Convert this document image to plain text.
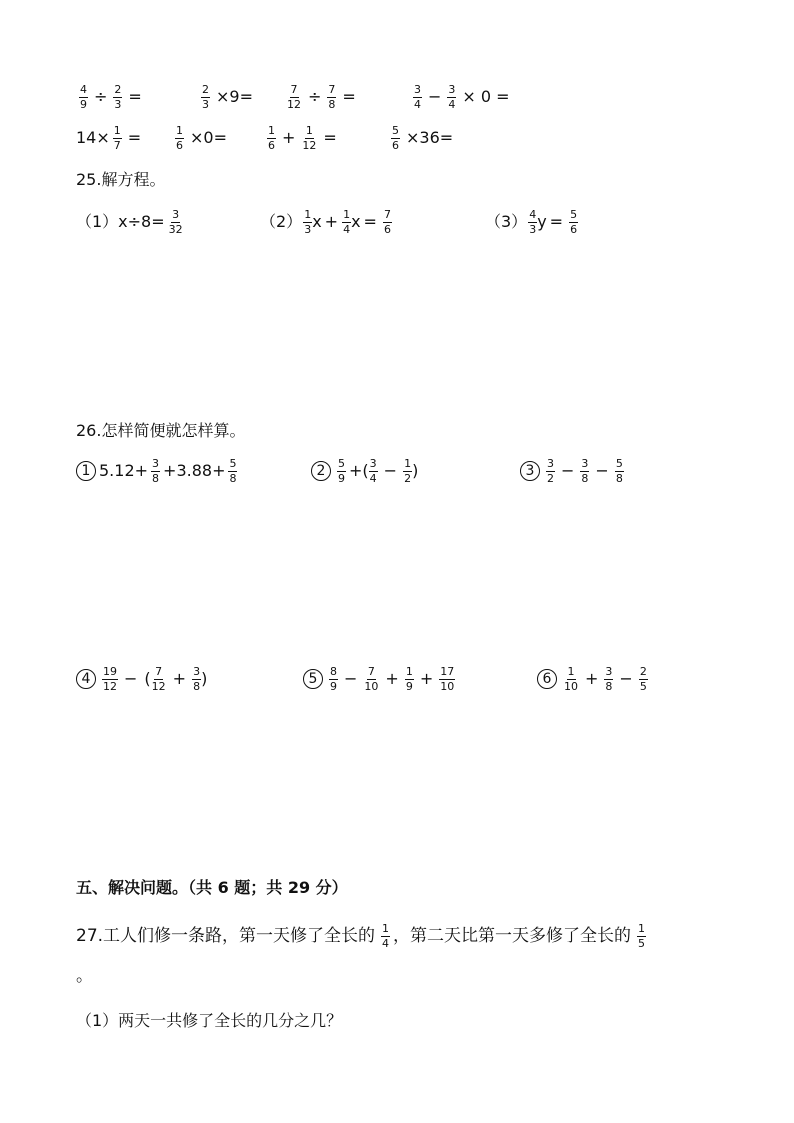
$\frac{4}{9} \div \frac{2}{3}$ =	$\frac{2}{3} \times 9=$	$\frac{7}{12} \div \frac{7}{8}$ =	$\frac{3}{4} - \frac{3}{4} \times 0$ =
$14\times \frac{1}{7}$ =	$\frac{1}{6} \times 0=$	$\frac{1}{6} + \frac{1}{12}$ =	$\frac{5}{6} \times 36=$
25.解方程。
$(1)x\div 8= \frac{3}{32}$	$(2) \frac{1}{3}$ $x + \frac{1}{4}$ $x = \frac{7}{6}$	$(3) \frac{4}{3}$ $y = \frac{5}{6}$
26.怎样简便就怎样算。
1 $5.12+ \frac{3}{8} +3.88+ \frac{5}{8}$	2	$\frac{5}{9}$ +( $\frac{3}{4} - \frac{1}{2}$ )	3	$\frac{3}{2} - \frac{3}{8} - \frac{5}{8}$
4	$\frac{19}{12}$ − ( $\frac{7}{12} + \frac{3}{8}$ )	5	$\frac{8}{9} - \frac{7}{10} + \frac{1}{9} + \frac{17}{10}$	6	$\frac{1}{10} + \frac{3}{8} - \frac{2}{5}$
五、解决问题。（共 6 题；共 29 分）
27.工人们修一条路，第一天修了全长的 $\frac{1}{4}$ ，第二天比第一天多修了全长的 $\frac{1}{5}$
。
（1）两天一共修了全长的几分之几？
